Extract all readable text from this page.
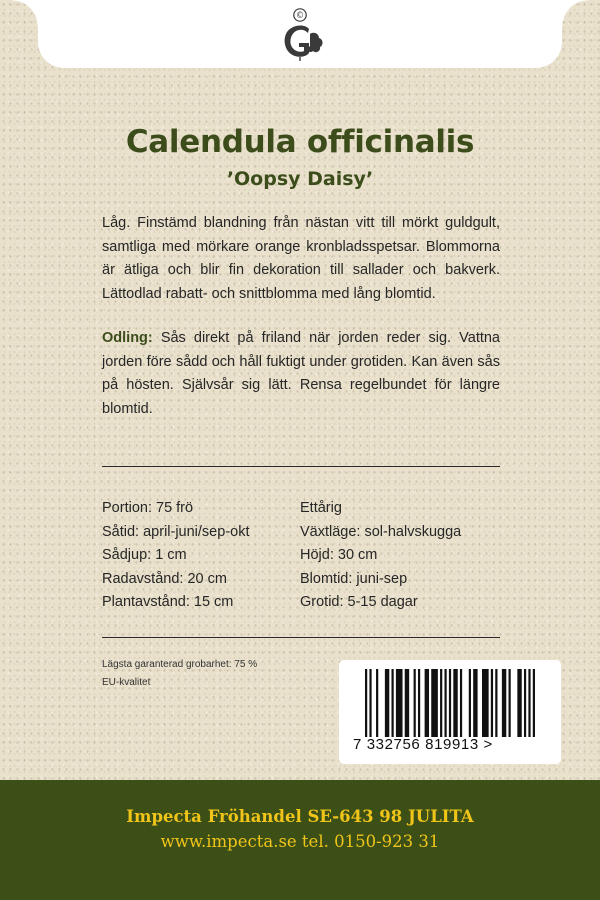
©
Calendula officinalis
’Oopsy Daisy’

Låg. Finstämd blandning från nästan vitt till mörkt guldgult, samtliga med mörkare orange kronbladsspetsar. Blommorna är ätliga och blir fin dekoration till sallader och bakverk. Lättodlad rabatt- och snittblomma med lång blomtid.

Odling: Sås direkt på friland när jorden reder sig. Vattna jorden före sådd och håll fuktigt under grotiden. Kan även sås på hösten. Självsår sig lätt. Rensa regelbundet för längre blomtid.

Portion: 75 frö
Såtid: april-juni/sep-okt
Sådjup: 1 cm
Radavstånd: 20 cm
Plantavstånd: 15 cm
Ettårig
Växtläge: sol-halvskugga
Höjd: 30 cm
Blomtid: juni-sep
Grotid: 5-15 dagar
Lägsta garanterad grobarhet: 75 %
EU-kvalitet
7 332756 819913 >

Impecta Fröhandel SE-643 98 JULITA

www.impecta.se tel. 0150-923 31
